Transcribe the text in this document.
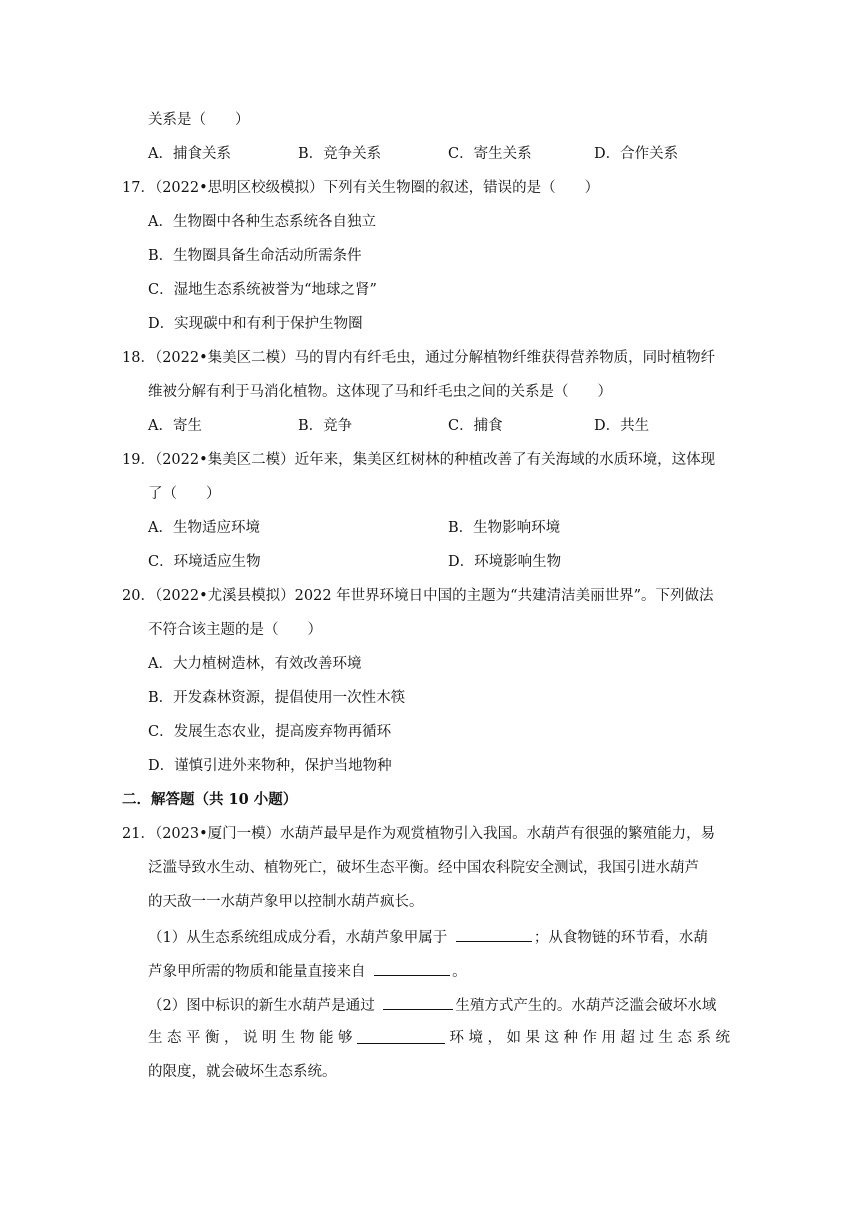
关系是（　　）
A．捕食关系	B．竞争关系	C．寄生关系	D．合作关系
17．（2022•思明区校级模拟）下列有关生物圈的叙述，错误的是（　　）
A．生物圈中各种生态系统各自独立
B．生物圈具备生命活动所需条件
C．湿地生态系统被誉为“地球之肾”
D．实现碳中和有利于保护生物圈
18．（2022•集美区二模）马的胃内有纤毛虫，通过分解植物纤维获得营养物质，同时植物纤
维被分解有利于马消化植物。这体现了马和纤毛虫之间的关系是（　　）
A．寄生	B．竞争	C．捕食	D．共生
19．（2022•集美区二模）近年来，集美区红树林的种植改善了有关海域的水质环境，这体现
了（　　）
A．生物适应环境	B．生物影响环境
C．环境适应生物	D．环境影响生物
20．（2022•尤溪县模拟）2022 年世界环境日中国的主题为“共建清洁美丽世界”。下列做法
不符合该主题的是（　　）
A．大力植树造林，有效改善环境
B．开发森林资源，提倡使用一次性木筷
C．发展生态农业，提高废弃物再循环
D．谨慎引进外来物种，保护当地物种
二．解答题（共 10 小题）
21．（2023•厦门一模）水葫芦最早是作为观赏植物引入我国。水葫芦有很强的繁殖能力，易
泛滥导致水生动、植物死亡，破坏生态平衡。经中国农科院安全测试，我国引进水葫芦
的天敌一一水葫芦象甲以控制水葫芦疯长。
（1）从生态系统组成成分看，水葫芦象甲属于	；从食物链的环节看，水葫
芦象甲所需的物质和能量直接来自	。
（2）图中标识的新生水葫芦是通过	生殖方式产生的。水葫芦泛滥会破坏水域
生 态 平 衡 ， 说 明 生 物 能 够	环 境 ， 如 果 这 种 作 用 超 过 生 态 系 统
的限度，就会破坏生态系统。
